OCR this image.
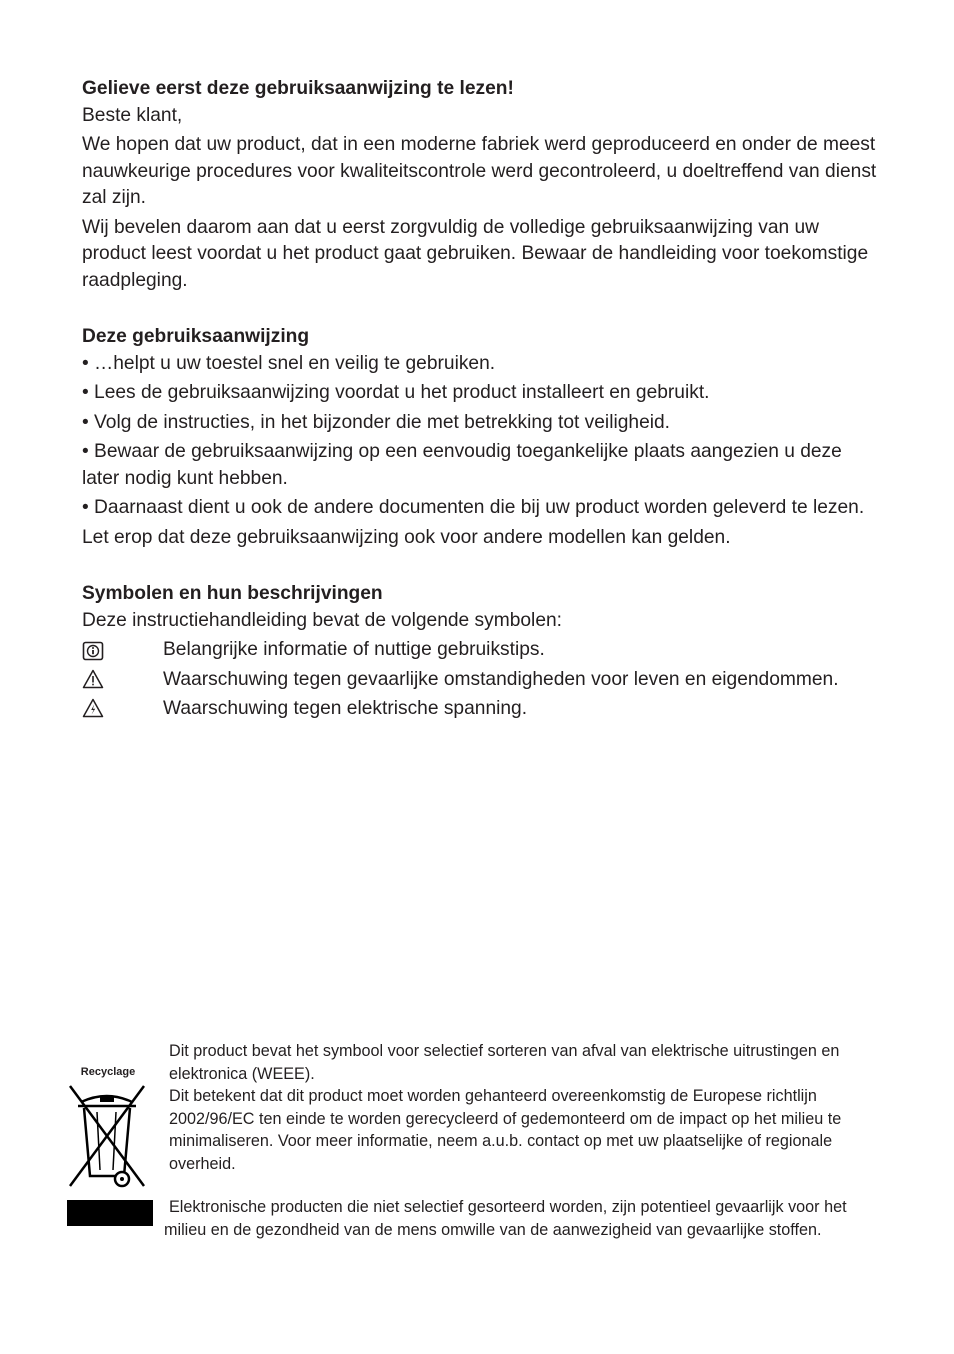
Gelieve eerst deze gebruiksaanwijzing te lezen!

Beste klant,

We hopen dat uw product, dat in een moderne fabriek werd geproduceerd en onder de meest nauwkeurige procedures voor kwaliteitscontrole werd gecontroleerd, u doeltreffend van dienst zal zijn.

Wij bevelen daarom aan dat u eerst zorgvuldig de volledige gebruiksaanwijzing van uw product leest voordat u het product gaat gebruiken. Bewaar de handleiding voor toekomstige raadpleging.

Deze gebruiksaanwijzing

• …helpt u uw toestel snel en veilig te gebruiken.

• Lees de gebruiksaanwijzing voordat u het product installeert en gebruikt.

• Volg de instructies, in het bijzonder die met betrekking tot veiligheid.

• Bewaar de gebruiksaanwijzing op een eenvoudig toegankelijke plaats aangezien u deze later nodig kunt hebben.

• Daarnaast dient u ook de andere documenten die bij uw product worden geleverd te lezen.

Let erop dat deze gebruiksaanwijzing ook voor andere modellen kan gelden.

Symbolen en hun beschrijvingen

Deze instructiehandleiding bevat de volgende symbolen:

Belangrijke informatie of nuttige gebruikstips.

Waarschuwing tegen gevaarlijke omstandigheden voor leven en eigendommen.

Waarschuwing tegen elektrische spanning.

Recyclage

Dit product bevat het symbool voor selectief sorteren van afval van elektrische uitrustingen en elektronica (WEEE).

Dit betekent dat dit product moet worden gehanteerd overeenkomstig de Europese richtlijn 2002/96/EC ten einde te worden gerecycleerd of gedemonteerd om de impact op het milieu te minimaliseren. Voor meer informatie, neem a.u.b. contact op met uw plaatselijke of regionale overheid.

Elektronische producten die niet selectief gesorteerd worden, zijn potentieel gevaarlijk voor het milieu en de gezondheid van de mens omwille van de aanwezigheid van gevaarlijke stoffen.
